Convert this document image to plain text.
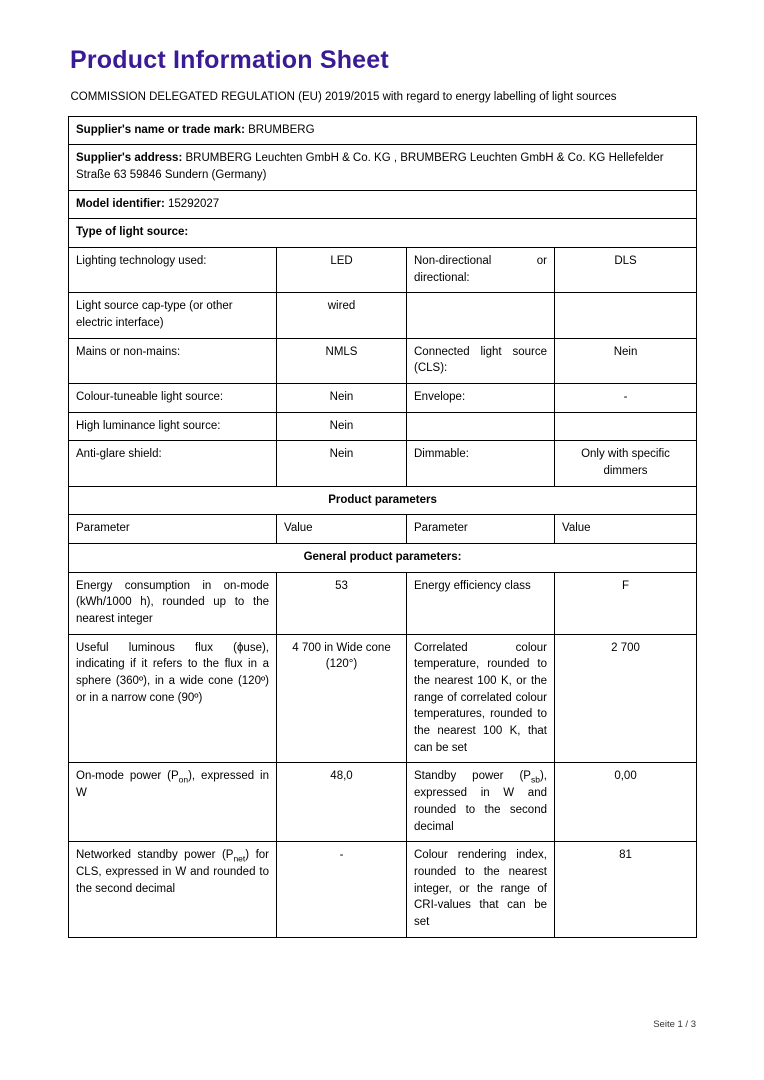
Product Information Sheet
COMMISSION DELEGATED REGULATION (EU) 2019/2015 with regard to energy labelling of light sources			
Supplier's name or trade mark: BRUMBERG			
Supplier's address: BRUMBERG Leuchten GmbH & Co. KG , BRUMBERG Leuchten GmbH & Co. KG Hellefelder Straße 63 59846 Sundern (Germany)			
Model identifier: 15292027			
Type of light source:			
Lighting technology used:	LED	Non-directional or directional:	DLS
Light source cap-type (or other electric interface)	wired		
Mains or non-mains:	NMLS	Connected light source (CLS):	Nein
Colour-tuneable light source:	Nein	Envelope:	-
High luminance light source:	Nein		
Anti-glare shield:	Nein	Dimmable:	Only with specific dimmers
Product parameters			
Parameter	Value	Parameter	Value
General product parameters:			
Energy consumption in on-mode (kWh/1000 h), rounded up to the nearest integer	53	Energy efficiency class	F
Useful luminous flux (ϕuse), indicating if it refers to the flux in a sphere (360º), in a wide cone (120º) or in a narrow cone (90º)	4 700 in Wide cone (120°)	Correlated colour temperature, rounded to the nearest 100 K, or the range of correlated colour temperatures, rounded to the nearest 100 K, that can be set	2 700
On-mode power $(P_{on})$, expressed in W	48,0	Standby power $(P_{sb})$, expressed in W and rounded to the second decimal	0,00
Networked standby power $(P_{net})$ for CLS, expressed in W and rounded to the second decimal	-	Colour rendering index, rounded to the nearest integer, or the range of CRI-values that can be set	81
Seite 1 / 3
